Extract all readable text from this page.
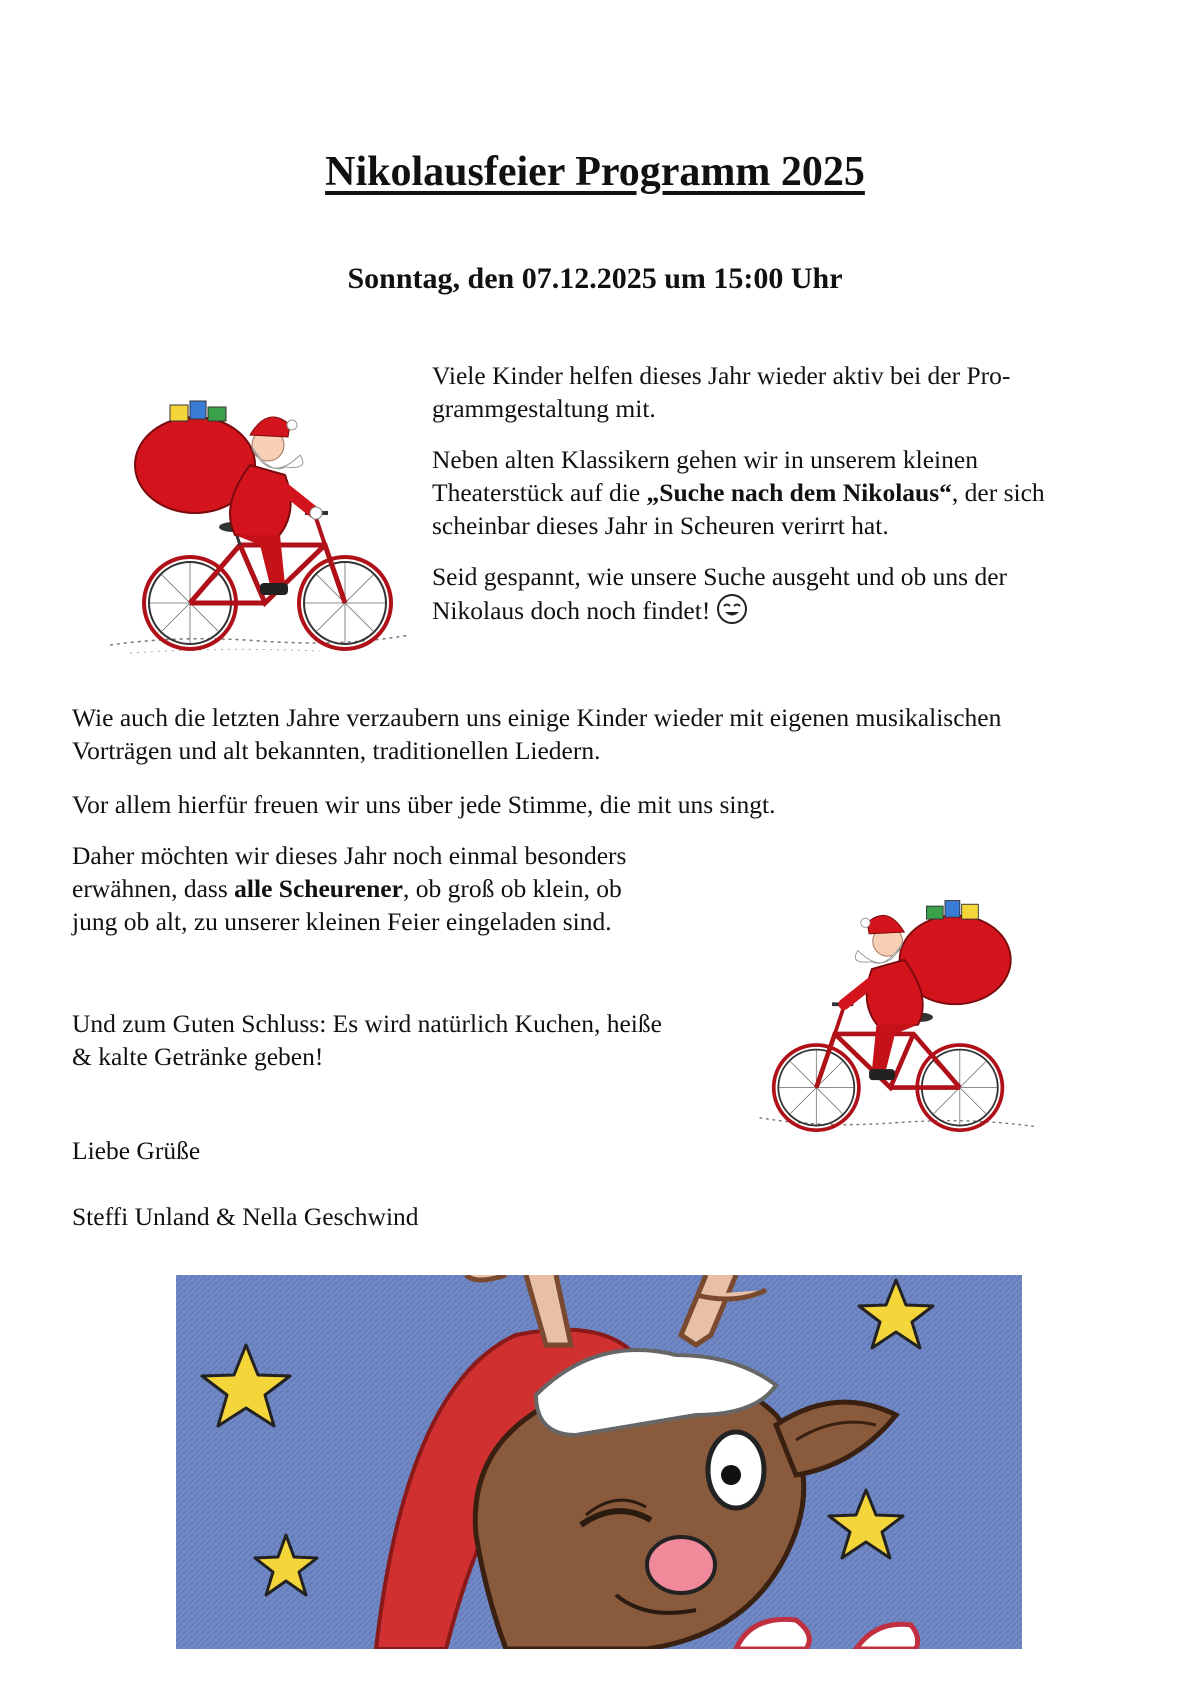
Nikolausfeier Programm 2025
Sonntag, den 07.12.2025 um 15:00 Uhr

Viele Kinder helfen dieses Jahr wieder aktiv bei der Pro-
grammgestaltung mit.

Neben alten Klassikern gehen wir in unserem kleinen
Theaterstück auf die „Suche nach dem Nikolaus“, der sich
scheinbar dieses Jahr in Scheuren verirrt hat.

Seid gespannt, wie unsere Suche ausgeht und ob uns der
Nikolaus doch noch findet!

Wie auch die letzten Jahre verzaubern uns einige Kinder wieder mit eigenen musikalischen
Vorträgen und alt bekannten, traditionellen Liedern.

Vor allem hierfür freuen wir uns über jede Stimme, die mit uns singt.

Daher möchten wir dieses Jahr noch einmal besonders
erwähnen, dass alle Scheurener, ob groß ob klein, ob
jung ob alt, zu unserer kleinen Feier eingeladen sind.

Und zum Guten Schluss: Es wird natürlich Kuchen, heiße
& kalte Getränke geben!

Liebe Grüße

Steffi Unland & Nella Geschwind
